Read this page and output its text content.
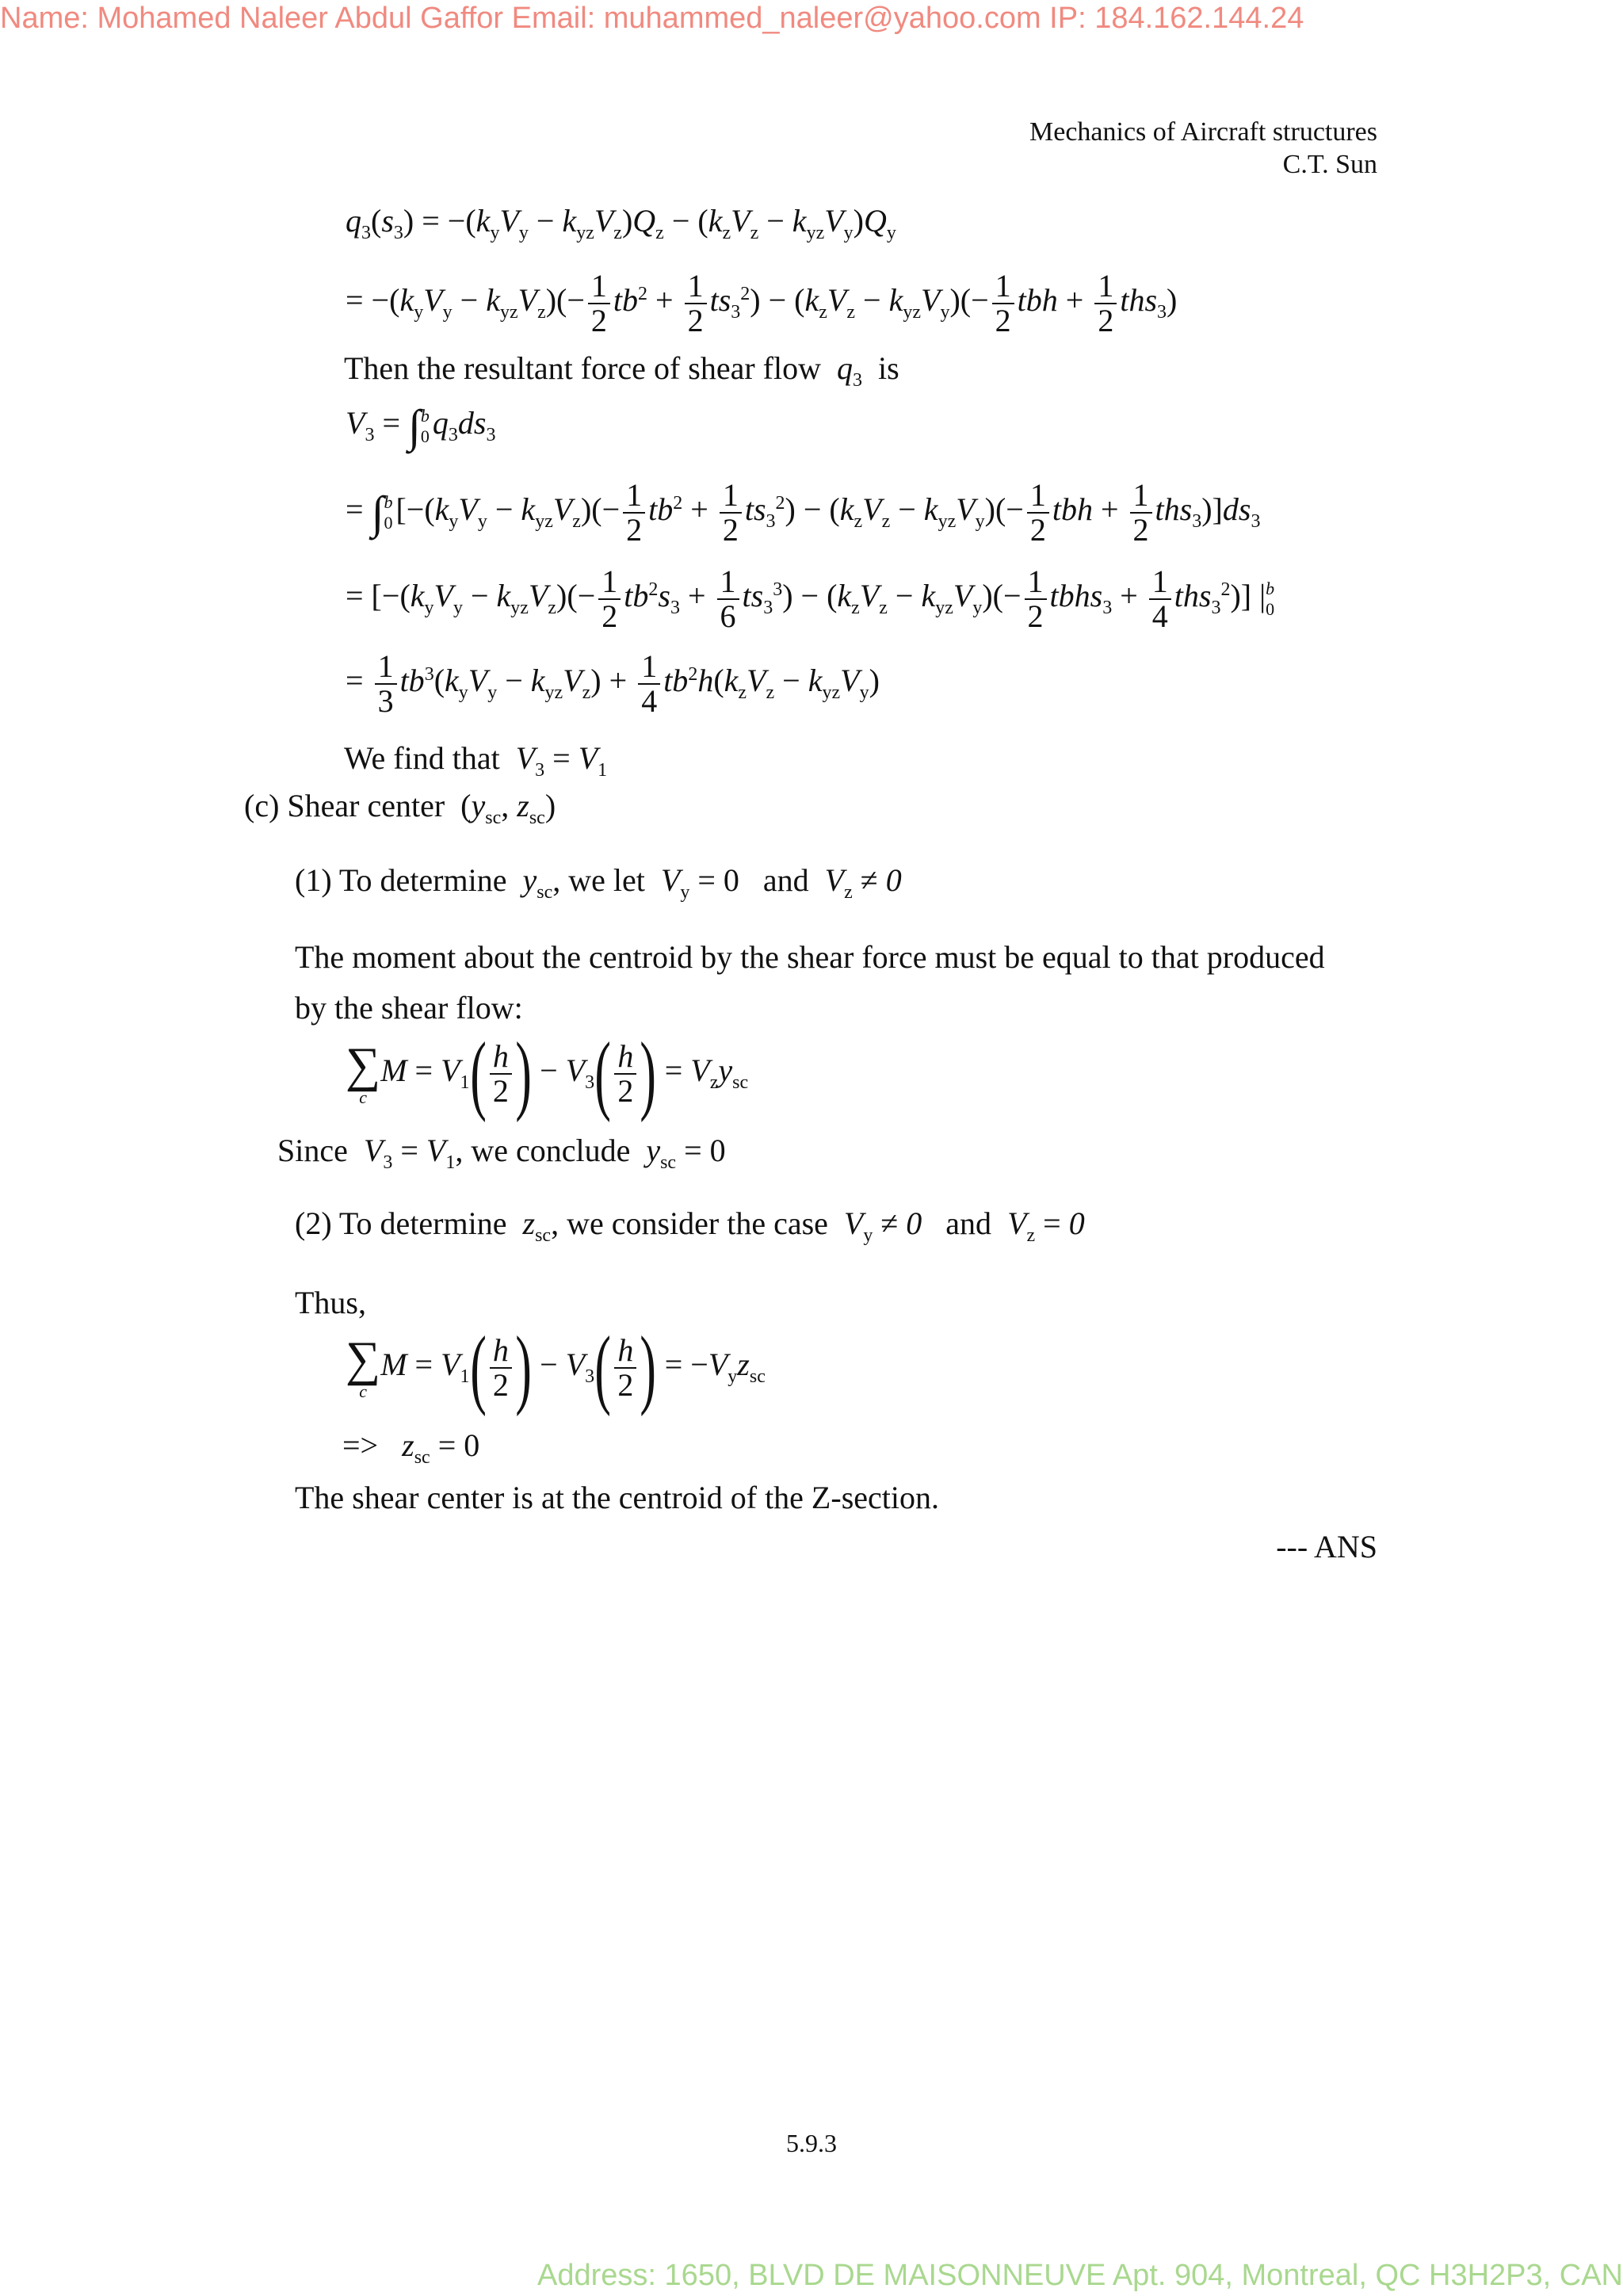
Name: Mohamed Naleer Abdul Gaffor Email: muhammed_naleer@yahoo.com IP: 184.162.144.24
Mechanics of Aircraft structures
C.T. Sun
$q_3(s_3) = -(k_yV_y - k_{yz}V_z)Q_z - (k_zV_z - k_{yz}V_y)Q_y$
= $-(k_yV_y - k_{yz}V_z)(- \frac{1}{2} tb^2 + \frac{1}{2} ts_3^2) - (k_zV_z - k_{yz}V_y)(- \frac{1}{2}$ tbh + $\frac{1}{2} ths_3$)
Then the resultant force of shear flow $q_3$ is
$V_3 = \int b$
0 $q_3ds_3$
= ∫b
0 [$-(k_yV_y - k_{yz}V_z)(- \frac{1}{2} tb^2 + \frac{1}{2} ts_3^2) - (k_zV_z - k_{yz}V_y)(- \frac{1}{2}$ tbh + $\frac{1}{2} ths_3)]ds_3$
= [$-(k_yV_y - k_{yz}V_z)(- \frac{1}{2} tb^2s_3 + \frac{1}{6} ts_3^3) - (k_zV_z - k_{yz}V_y)(- \frac{1}{2}$ tbhs$_3$ + $\frac{1}{4} ths_3^2$)] |b
0
= $\frac{1}{3} tb^3(k_yV_y - k_{yz}V_z) + \frac{1}{4} tb^2h(k_zV_z - k_{yz}V_y)$
We find that $V_3 = V_1$
(c) Shear center  ($y_{sc}$, $z_{sc}$)
(1) To determine $y_{sc}$, we let $V_y = 0$   and $V_z \ne 0$
The moment about the centroid by the shear force must be equal to that produced
by the shear flow:
∑
c
$M = V_1( \frac{h}{2}$ ) − $V_3( \frac{h}{2}$ ) = $V_zy_{sc}$
Since $V_3 = V_1$, we conclude $y_{sc} = 0$
(2) To determine $z_{sc}$, we consider the case $V_y \ne 0$ and $V_z = 0$
Thus,
∑
c
$M = V_1( \frac{h}{2}$ ) − $V_3( \frac{h}{2}$ ) = $-V_yz_{sc}$
=> $z_{sc} = 0$
The shear center is at the centroid of the Z-section.
--- ANS
5.9.3
Address: 1650, BLVD DE MAISONNEUVE Apt. 904, Montreal, QC H3H2P3, CAN
